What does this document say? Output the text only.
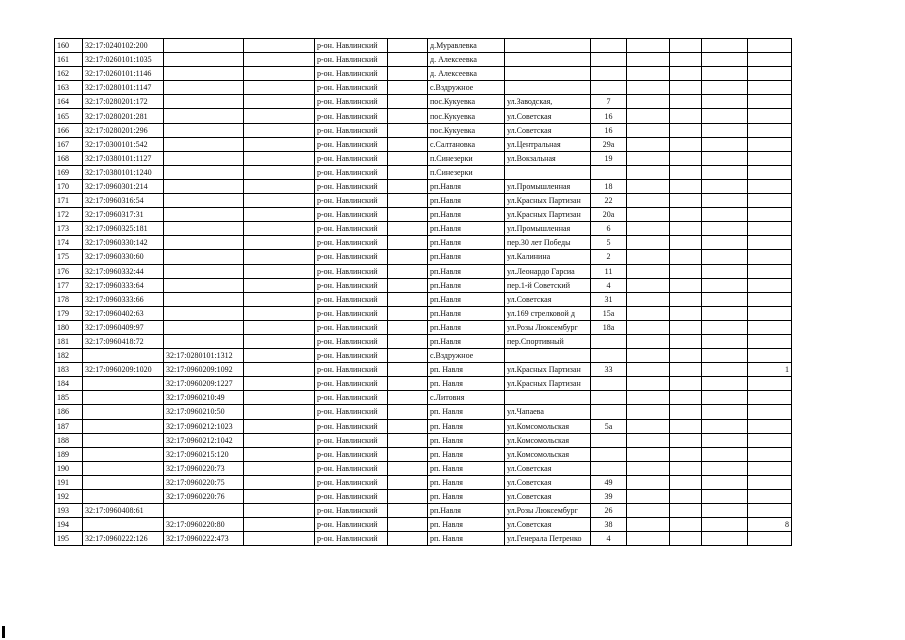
160	32:17:0240102:200			р-он. Навлинский		д.Муравлевка						
161	32:17:0260101:1035			р-он. Навлинский		д. Алексеевка						
162	32:17:0260101:1146			р-он. Навлинский		д. Алексеевка						
163	32:17:0280101:1147			р-он. Навлинский		с.Вздружное						
164	32:17:0280201:172			р-он. Навлинский		пос.Кукуевка	ул.Заводская,	7				
165	32:17:0280201:281			р-он. Навлинский		пос.Кукуевка	ул.Советская	16				
166	32:17:0280201:296			р-он. Навлинский		пос.Кукуевка	ул.Советская	16				
167	32:17:0300101:542			р-он. Навлинский		с.Салтановка	ул.Центральная	29а				
168	32:17:0380101:1127			р-он. Навлинский		п.Синезерки	ул.Вокзальная	19				
169	32:17:0380101:1240			р-он. Навлинский		п.Синезерки						
170	32:17:0960301:214			р-он. Навлинский		рп.Навля	ул.Промышленная	18				
171	32:17:0960316:54			р-он. Навлинский		рп.Навля	ул.Красных Партизан	22				
172	32:17:0960317:31			р-он. Навлинский		рп.Навля	ул.Красных Партизан	20а				
173	32:17:0960325:181			р-он. Навлинский		рп.Навля	ул.Промышленная	6				
174	32:17:0960330:142			р-он. Навлинский		рп.Навля	пер.30 лет Победы	5				
175	32:17:0960330:60			р-он. Навлинский		рп.Навля	ул.Калинина	2				
176	32:17:0960332:44			р-он. Навлинский		рп.Навля	ул.Леонардо Гарсиа	11				
177	32:17:0960333:64			р-он. Навлинский		рп.Навля	пер.1-й Советский	4				
178	32:17:0960333:66			р-он. Навлинский		рп.Навля	ул.Советская	31				
179	32:17:0960402:63			р-он. Навлинский		рп.Навля	ул.169 стрелковой д	15а				
180	32:17:0960409:97			р-он. Навлинский		рп.Навля	ул.Розы Люксембург	18а				
181	32:17:0960418:72			р-он. Навлинский		рп.Навля	пер.Спортивный					
182		32:17:0280101:1312		р-он. Навлинский		с.Вздружное						
183	32:17:0960209:1020	32:17:0960209:1092		р-он. Навлинский		рп. Навля	ул.Красных Партизан	33				1
184		32:17:0960209:1227		р-он. Навлинский		рп. Навля	ул.Красных Партизан					
185		32:17:0960210:49		р-он. Навлинский		с.Литовня						
186		32:17:0960210:50		р-он. Навлинский		рп. Навля	ул.Чапаева					
187		32:17:0960212:1023		р-он. Навлинский		рп. Навля	ул.Комсомольская	5а				
188		32:17:0960212:1042		р-он. Навлинский		рп. Навля	ул.Комсомольская					
189		32:17:0960215:120		р-он. Навлинский		рп. Навля	ул.Комсомольская					
190		32:17:0960220:73		р-он. Навлинский		рп. Навля	ул.Советская					
191		32:17:0960220:75		р-он. Навлинский		рп. Навля	ул.Советская	49				
192		32:17:0960220:76		р-он. Навлинский		рп. Навля	ул.Советская	39				
193	32:17:0960408:61			р-он. Навлинский		рп.Навля	ул.Розы Люксембург	26				
194		32:17:0960220:80		р-он. Навлинский		рп. Навля	ул.Советская	38				8
195	32:17:0960222:126	32:17:0960222:473		р-он. Навлинский		рп. Навля	ул.Генерала Петренко	4				
